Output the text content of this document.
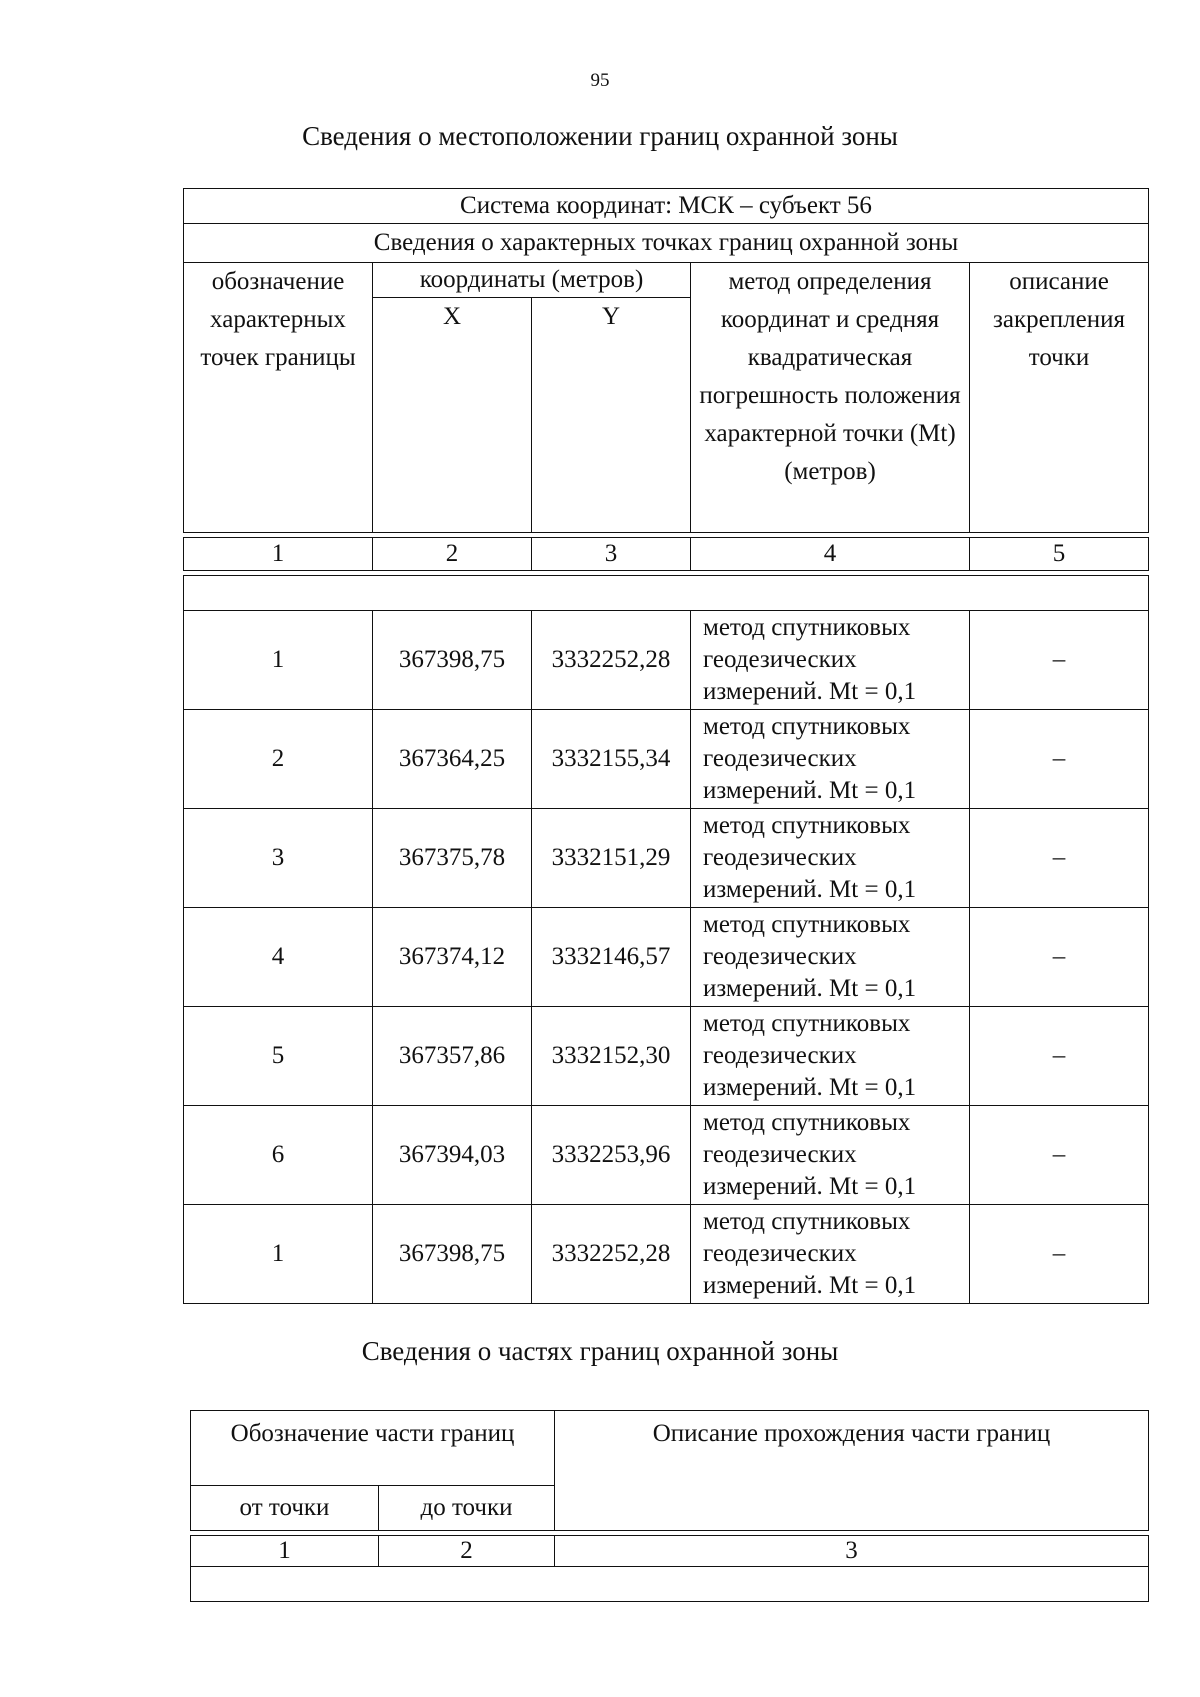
95
Сведения о местоположении границ охранной зоны
Система координат: МСК – субъект 56				
Сведения о характерных точках границ охранной зоны				
обозначение характерных точек границы	координаты (метров)		метод определения координат и средняя квадратическая погрешность положения характерной точки (Mt) (метров)	описание закрепления точки
	X	Y		

1	2	3	4	5

1	367398,75	3332252,28	метод спутниковых геодезических измерений. Mt = 0,1	–
2	367364,25	3332155,34	метод спутниковых геодезических измерений. Mt = 0,1	–
3	367375,78	3332151,29	метод спутниковых геодезических измерений. Mt = 0,1	–
4	367374,12	3332146,57	метод спутниковых геодезических измерений. Mt = 0,1	–
5	367357,86	3332152,30	метод спутниковых геодезических измерений. Mt = 0,1	–
6	367394,03	3332253,96	метод спутниковых геодезических измерений. Mt = 0,1	–
1	367398,75	3332252,28	метод спутниковых геодезических измерений. Mt = 0,1	–
Сведения о частях границ охранной зоны
Обозначение части границ		Описание прохождения части границ
от точки	до точки	

1	2	3
